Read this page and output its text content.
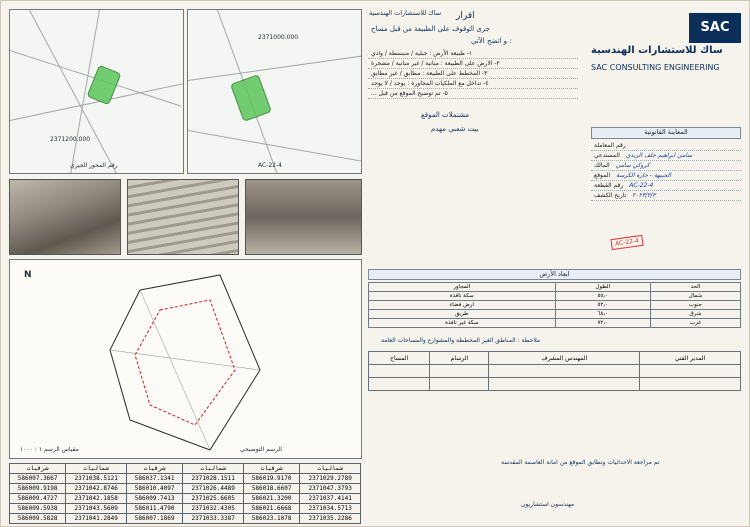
2371200.000
رقم المحور الجيري
2371000.000
AC-22-4
N
الرسم التوضيحي
مقياس الرسم ١ : ١٠٠٠
SAC
ساك للاستشارات الهندسية
SAC CONSULTING ENGINEERING
اقرار
جرى الوقوف على الطبيعة من قبل مساح
و اتضح الآتي :
ساك للاستشارات الهندسية
١- طبيعة الأرض : جبلية / منبسطة / وادي
٢- الارض على الطبيعة : مبانية / غير مبانية / مشجرة
٣- المخطط على الطبيعة : مطابق / غير مطابق
٤- تداخل مع الملكيات المجاورة : يوجد / لا يوجد
٥- تم توضيح الموقع من قبل ...
مشتملات الموقع
بيت شعبي مهدم	المعاينة القانونية
رقم المعاملة
المستدعي	سامي ابراهيم خلف الزبدي
المالك	كروكي سامي
الموقع	الجبيهة - حارة الكرسة
رقم القطعة	AC-22-4
تاريخ الكشف	٢٠٢٣/٣/٣
AC-22-4
ابعاد الأرض
المجاور	الطول	الحد
سكة نافذة	٥٥٫٠	شمال
ارض فضاء	٥٢٫٠	جنوب
طريق	٦٨٫٠	شرق
سكة غير نافذة	٧٢٫٠	غرب
ملاحظة : المناطق الغير المخططة والمشوارع والمساحات العامة
المساح	الرسام	المهندس المشرف	المدير الفني

تم مراجعة الاحداثيات وتطابق الموقع من امانة العاصمة المقدسة
شرقيات	شماليات	شرقيات	شماليات	شرقيات	شماليات
586007.3667	2371038.5121	586037.1341	2371028.1511	586019.9170	2371029.2789
586009.9198	2371042.8746	586010.4097	2371026.4489	586018.6607	2371047.3793
586009.4727	2371042.1858	586009.7413	2371025.6605	586021.3200	2371037.4141
586009.5938	2371043.5609	586011.4790	2371032.4305	586021.6668	2371034.5713
586009.5828	2371041.2849	586007.1869	2371033.3387	586023.1078	2371035.2286
مهندسون استشاريون
